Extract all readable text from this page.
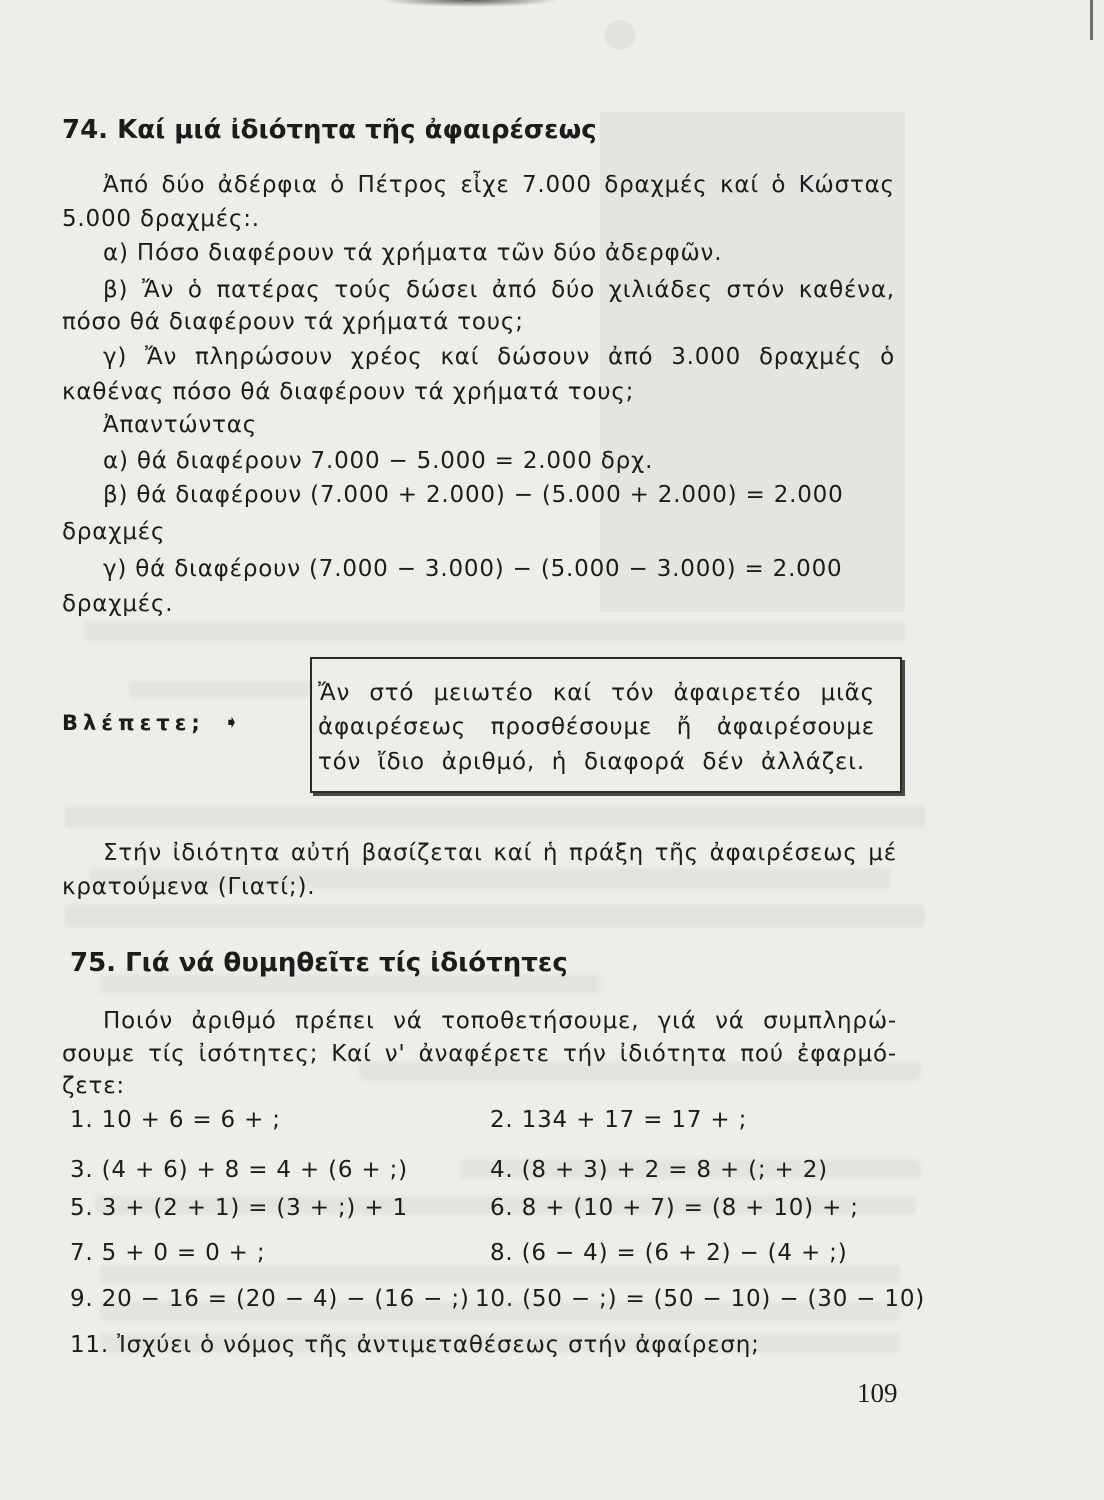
74. Καί μιά ἰδιότητα τῆς ἀφαιρέσεως
Ἀπό δύο ἀδέρφια ὁ Πέτρος εἶχε 7.000 δραχμές καί ὁ Κώστας
5.000 δραχμές:.
α) Πόσο διαφέρουν τά χρήματα τῶν δύο ἀδερφῶν.
β) Ἄν ὁ πατέρας τούς δώσει ἀπό δύο χιλιάδες στόν καθένα,
πόσο θά διαφέρουν τά χρήματά τους;
γ) Ἄν πληρώσουν χρέος καί δώσουν ἀπό 3.000 δραχμές ὁ
καθένας πόσο θά διαφέρουν τά χρήματά τους;
Ἀπαντώντας
α) θά διαφέρουν 7.000 − 5.000 = 2.000 δρχ.
β) θά διαφέρουν (7.000 + 2.000) − (5.000 + 2.000) = 2.000
δραχμές
γ) θά διαφέρουν (7.000 − 3.000) − (5.000 − 3.000) = 2.000
δραχμές.
Βλέπετε; ➧
Ἄν στό μειωτέο καί τόν ἀφαιρετέο μιᾶς
ἀφαιρέσεως προσθέσουμε ἤ ἀφαιρέσουμε
τόν ἴδιο ἀριθμό, ἡ διαφορά δέν ἀλλάζει.
Στήν ἰδιότητα αὐτή βασίζεται καί ἡ πράξη τῆς ἀφαιρέσεως μέ
κρατούμενα (Γιατί;).
75. Γιά νά θυμηθεῖτε τίς ἰδιότητες
Ποιόν ἀριθμό πρέπει νά τοποθετήσουμε, γιά νά συμπληρώ-
σουμε τίς ἰσότητες; Καί ν' ἀναφέρετε τήν ἰδιότητα πού ἐφαρμό-
ζετε:
1. 10 + 6 = 6 + ;	2. 134 + 17 = 17 + ;
3. (4 + 6) + 8 = 4 + (6 + ;)	4. (8 + 3) + 2 = 8 + (; + 2)
5. 3 + (2 + 1) = (3 + ;) + 1	6. 8 + (10 + 7) = (8 + 10) + ;
7. 5 + 0 = 0 + ;	8. (6 − 4) = (6 + 2) − (4 + ;)
9. 20 − 16 = (20 − 4) − (16 − ;) 10. (50 − ;) = (50 − 10) − (30 − 10)
11. Ἰσχύει ὁ νόμος τῆς ἀντιμεταθέσεως στήν ἀφαίρεση;
109
